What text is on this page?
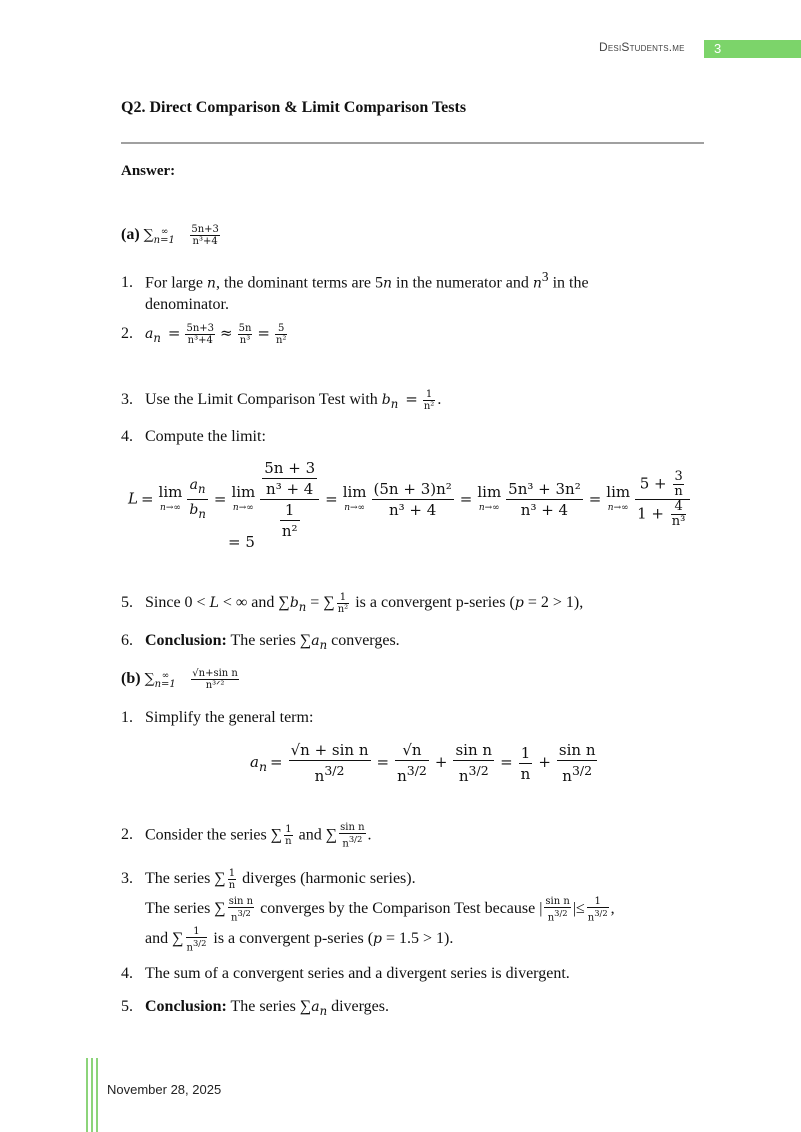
DesiStudents.me 3
Q2. Direct Comparison & Limit Comparison Tests
Answer:
(a) $\sum_{n=1}^\infty \frac{5n+3}{\text{n³+4}}$
1. For large n, the dominant terms are 5n in the numerator and $n^3$ in the
denominator.
2. $a_n = \frac{5n+3}{\text{n³+4}} \approx \frac{5n}{\text{n³}} = \frac{5}{\text{n²}}$
3. Use the Limit Comparison Test with $b_n = \frac{1}{\text{n²}}$ .
4. Compute the limit:
L = lim
$n\to\infty \frac{a_n}{b_n} = \lim$
$n\to\infty \frac{\frac{5n + 3}{\text{n³ + 4}}}{\frac{1}{\text{n²}}} = \lim$
$n\to\infty \frac{\text{(5n + 3)n²}}{\text{n³ + 4}} = \lim$
$n\to\infty \frac{\text{5n³ + 3n²}}{\text{n³ + 4}} = \lim$
$n\to\infty \frac{5 + \frac{3}{n}}{1 + \frac{4}{\text{n³}}}$
= 5
5. Since 0 < L < ∞ and $\sum b_n$ = ∑ $\frac{1}{\text{n²}}$ is a convergent p-series (p = 2 > 1),
6. Conclusion: The series $\sum a_n$ converges.
(b) $\sum_{n=1}^\infty \frac{\text{√n+sin n}}{\text{n³ᐟ²}}$
1. Simplify the general term:
$a_n = \frac{\text{√n + sin n}}{n^{3/2}} = \frac{√n}{n^{3/2}} + \frac{\text{sin n}}{n^{3/2}} = \frac{1}{n} + \frac{\text{sin n}}{n^{3/2}}$
2. Consider the series ∑ $\frac{1}{n}$ and ∑ $\frac{\text{sin n}}{n^{3/2}}$ .
3. The series ∑ $\frac{1}{n}$ diverges (harmonic series).
The series ∑ $\frac{\text{sin n}}{n^{3/2}}$ converges by the Comparison Test because | $\frac{\text{sin n}}{n^{3/2}}$ |≤ $\frac{1}{n^{3/2}}$ ,
and ∑ $\frac{1}{n^{3/2}}$ is a convergent p-series (p = 1.5 > 1).
4. The sum of a convergent series and a divergent series is divergent.
5. Conclusion: The series $\sum a_n$ diverges.
November 28, 2025
